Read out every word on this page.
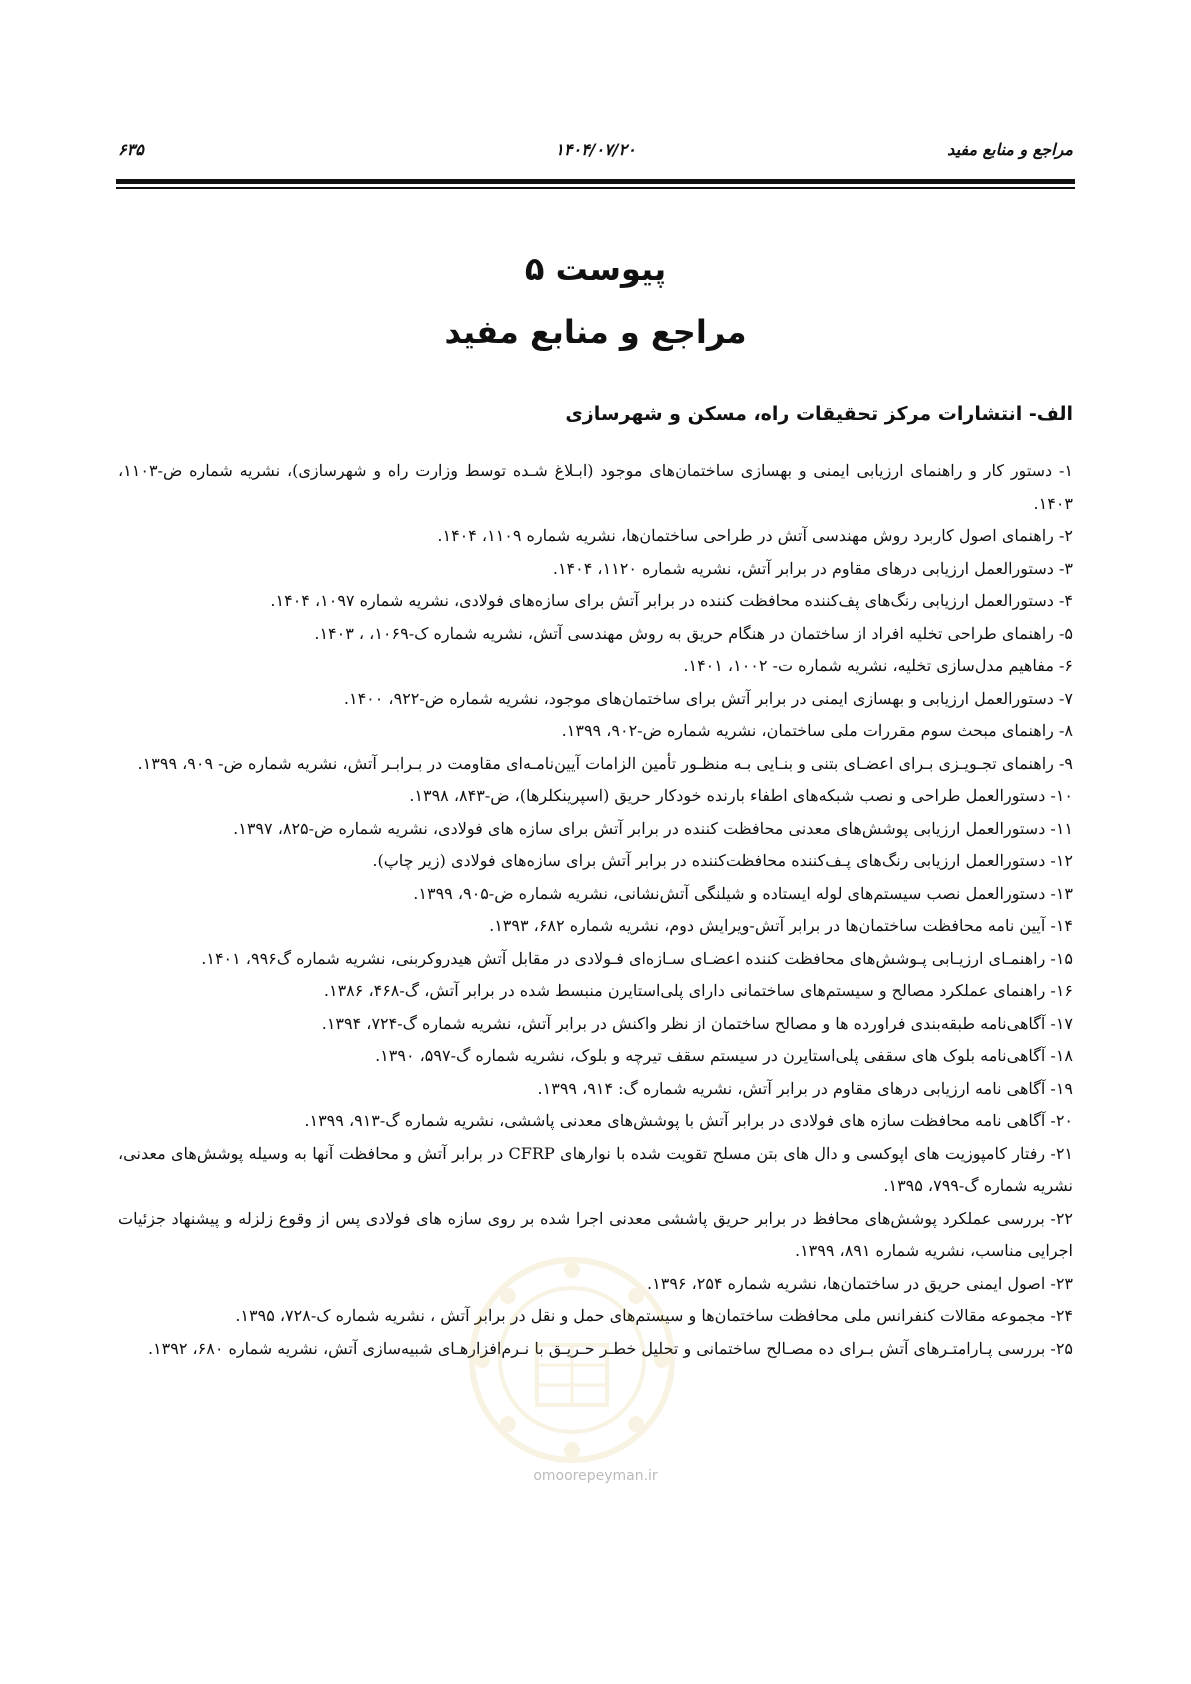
مراجع و منابع مفید
۱۴۰۴/۰۷/۲۰
۶۳۵
پیوست ۵
مراجع و منابع مفید
الف- انتشارات مرکز تحقیقات راه، مسکن و شهرسازی

۱- دستور کار و راهنمای ارزیابی ایمنی و بهسازی ساختمان‌های موجود (ابـلاغ شـده توسط وزارت راه و شهرسازی)، نشریه شماره ض-۱۱۰۳، ۱۴۰۳.

۲- راهنمای اصول کاربرد روش مهندسی آتش در طراحی ساختمان‌ها، نشریه شماره ۱۱۰۹، ۱۴۰۴.

۳- دستورالعمل ارزیابی درهای مقاوم در برابر آتش، نشریه شماره ۱۱۲۰، ۱۴۰۴.

۴- دستورالعمل ارزیابی رنگ‌های پف‌کننده محافظت کننده در برابر آتش برای سازه‌های فولادی، نشریه شماره ۱۰۹۷، ۱۴۰۴.

۵- راهنمای طراحی تخلیه افراد از ساختمان در هنگام حریق به روش مهندسی آتش، نشریه شماره ک-۱۰۶۹، ، ۱۴۰۳.

۶- مفاهیم مدل‌سازی تخلیه، نشریه شماره ت- ۱۰۰۲، ۱۴۰۱.

۷- دستورالعمل ارزیابی و بهسازی ایمنی در برابر آتش برای ساختمان‌های موجود، نشریه شماره ض-۹۲۲، ۱۴۰۰.

۸- راهنمای مبحث سوم مقررات ملی ساختمان، نشریه شماره ض-۹۰۲، ۱۳۹۹.

۹- راهنمای تجـویـزی بـرای اعضـای بتنی و بنـایی بـه منظـور تأمین الزامات آیین‌نامـه‌ای مقاومت در بـرابـر آتش، نشریه شماره ض- ۹۰۹، ۱۳۹۹.

۱۰- دستورالعمل طراحی و نصب شبکه‌های اطفاء بارنده خودکار حریق (اسپرینکلرها)، ض-۸۴۳، ۱۳۹۸.

۱۱- دستورالعمل ارزیابی پوشش‌های معدنی محافظت کننده در برابر آتش برای سازه های فولادی، نشریه شماره ض-۸۲۵، ۱۳۹۷.

۱۲- دستورالعمل ارزیابی رنگ‌های پـف‌کننده محافظت‌کننده در برابر آتش برای سازه‌های فولادی (زیر چاپ).

۱۳- دستورالعمل نصب سیستم‌های لوله ایستاده و شیلنگی آتش‌نشانی، نشریه شماره ض-۹۰۵، ۱۳۹۹.

۱۴- آیین نامه محافظت ساختمان‌ها در برابر آتش-ویرایش دوم، نشریه شماره ۶۸۲، ۱۳۹۳.

۱۵- راهنمـای ارزیـابی پـوشش‌های محافظت کننده اعضـای سـازه‌ای فـولادی در مقابل آتش هیدروکربنی، نشریه شماره گ۹۹۶، ۱۴۰۱.

۱۶- راهنمای عملکرد مصالح و سیستم‌های ساختمانی دارای پلی‌استایرن منبسط شده در برابر آتش، گ-۴۶۸، ۱۳۸۶.

۱۷- آگاهی‌نامه طبقه‌بندی فراورده ها و مصالح ساختمان از نظر واکنش در برابر آتش، نشریه شماره گ-۷۲۴، ۱۳۹۴.

۱۸- آگاهی‌نامه بلوک های سقفی پلی‌استایرن در سیستم سقف تیرچه و بلوک، نشریه شماره گ-۵۹۷، ۱۳۹۰.

۱۹- آگاهی نامه ارزیابی درهای مقاوم در برابر آتش، نشریه شماره گ: ۹۱۴، ۱۳۹۹.

۲۰- آگاهی نامه محافظت سازه های فولادی در برابر آتش با پوشش‌های معدنی پاششی، نشریه شماره گ-۹۱۳، ۱۳۹۹.

۲۱- رفتار کامپوزیت های اپوکسی و دال های بتن مسلح تقویت شده با نوارهای CFRP در برابر آتش و محافظت آنها به وسیله پوشش‌های معدنی، نشریه شماره گ-۷۹۹، ۱۳۹۵.

۲۲- بررسی عملکرد پوشش‌های محافظ در برابر حریق پاششی معدنی اجرا شده بر روی سازه های فولادی پس از وقوع زلزله و پیشنهاد جزئیات اجرایی مناسب، نشریه شماره ۸۹۱، ۱۳۹۹.

۲۳- اصول ایمنی حریق در ساختمان‌ها، نشریه شماره ۲۵۴، ۱۳۹۶.

۲۴- مجموعه مقالات کنفرانس ملی محافظت ساختمان‌ها و سیستم‌های حمل و نقل در برابر آتش ، نشریه شماره ک-۷۲۸، ۱۳۹۵.

۲۵- بررسی پـارامتـرهای آتش بـرای ده مصـالح ساختمانی و تحلیل خطـر حـریـق با نـرم‌افزارهـای شبیه‌سازی آتش، نشریه شماره ۶۸۰، ۱۳۹۲.

omoorepeyman.ir
